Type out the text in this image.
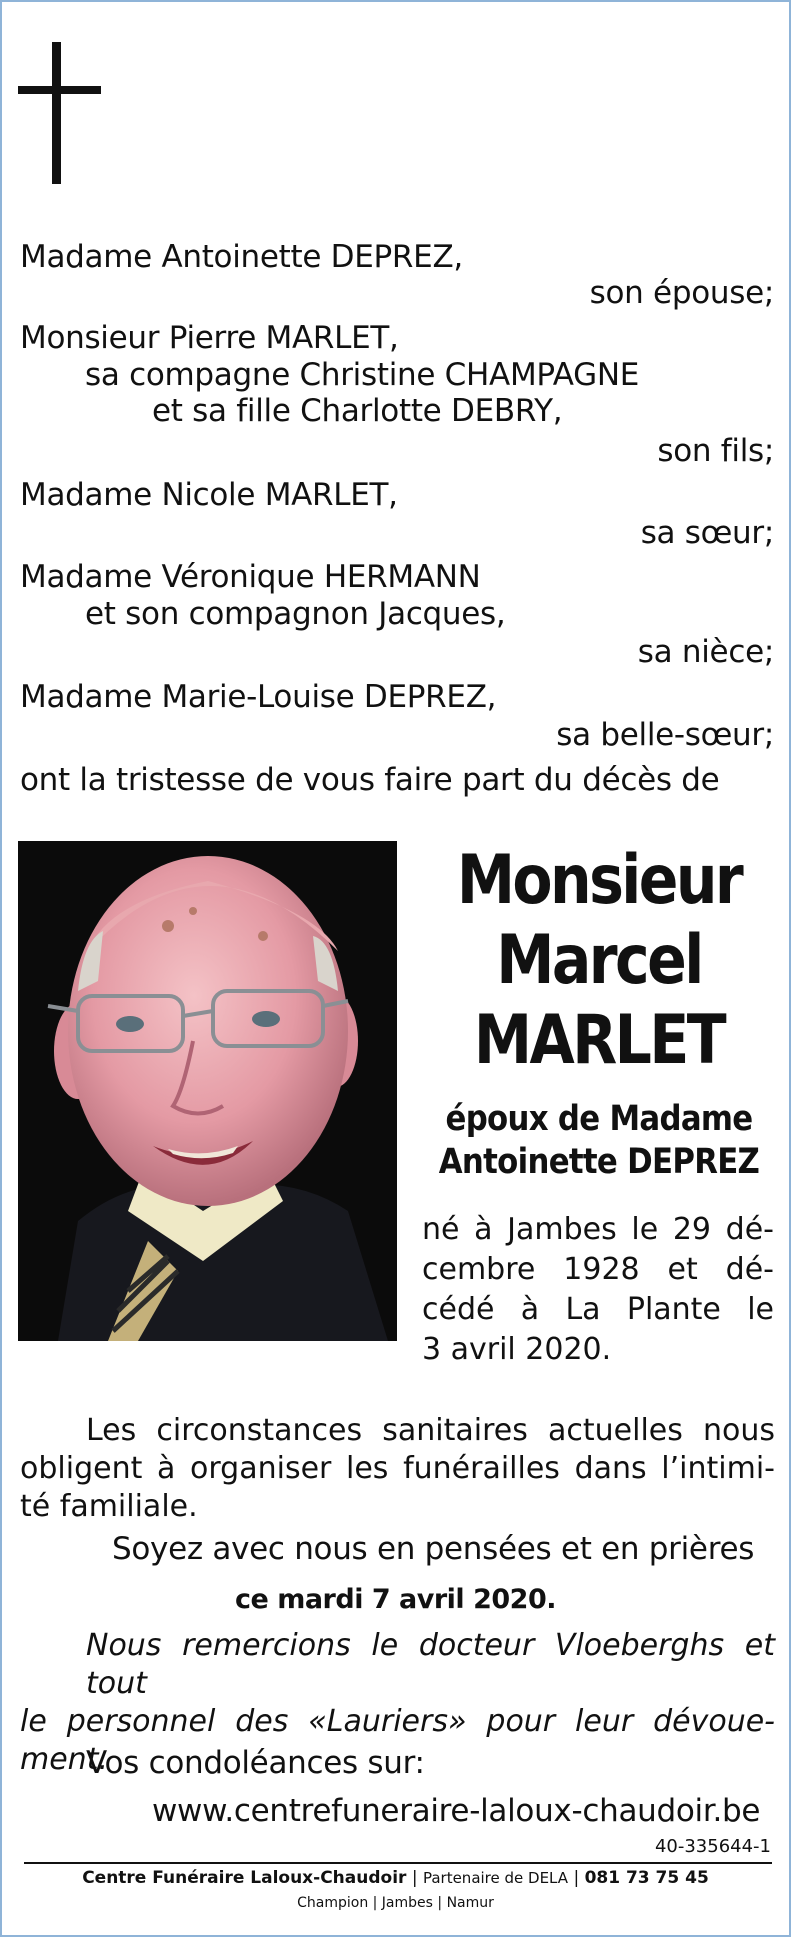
Madame Antoinette DEPREZ,

son épouse;

Monsieur Pierre MARLET,

sa compagne Christine CHAMPAGNE

et sa fille Charlotte DEBRY,

son fils;

Madame Nicole MARLET,

sa sœur;

Madame Véronique HERMANN

et son compagnon Jacques,

sa nièce;

Madame Marie-Louise DEPREZ,

sa belle-sœur;

ont la tristesse de vous faire part du décès de

Monsieur

Marcel

MARLET

époux de Madame

Antoinette DEPREZ

né à Jambes le 29 dé-
cembre 1928 et dé-
cédé à La Plante le
3 avril 2020.
Les circonstances sanitaires actuelles nous
obligent à organiser les funérailles dans l’intimi-
té familiale.

Soyez avec nous en pensées et en prières

ce mardi 7 avril 2020.

Nous remercions le docteur Vloeberghs et tout
le personnel des «Lauriers» pour leur dévoue-
ment.

Vos condoléances sur:

www.centrefuneraire-laloux-chaudoir.be

40-335644-1

Centre Funéraire Laloux-Chaudoir | Partenaire de DELA | 081 73 75 45

Champion | Jambes | Namur
